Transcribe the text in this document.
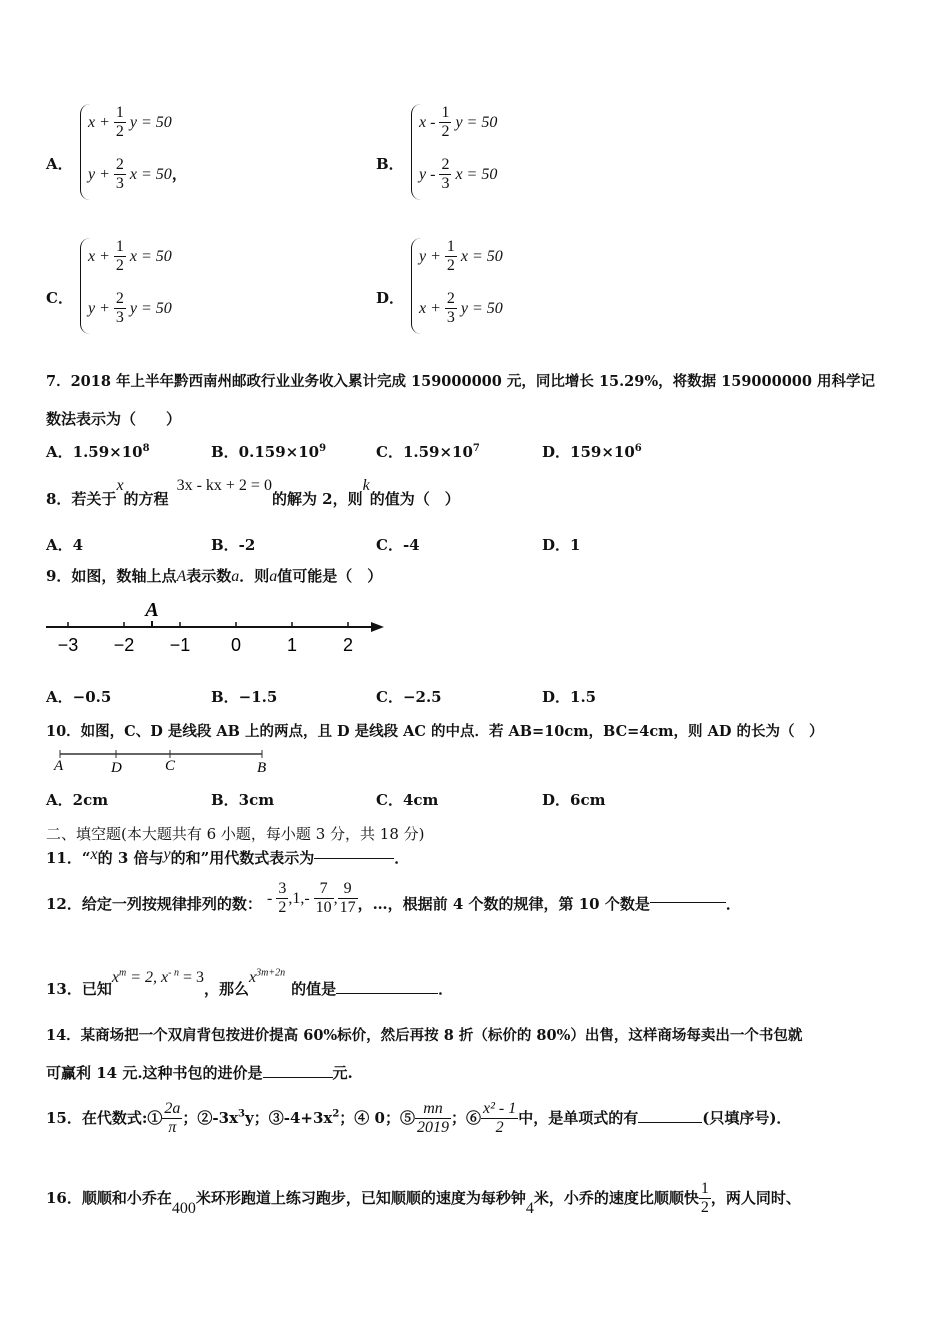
A．
$x + \frac{1}{2}$ y = 50
$y + \frac{2}{3}$ x = 50，
B．
x - $\frac{1}{2}$ y = 50
y - $\frac{2}{3}$ x = 50
C．
$x + \frac{1}{2}$ x = 50
$y + \frac{2}{3}$ y = 50
D．
$y + \frac{1}{2}$ x = 50
$x + \frac{2}{3}$ y = 50
7．2018 年上半年黔西南州邮政行业业务收入累计完成 159000000 元，同比增长 15.29%，将数据 159000000 用科学记
数法表示为（　　）
A．$1.59\times 10^8$	B．$0.159\times 10^9$	C．$1.59\times 10^7$	D．$159\times 10^6$
8．若关于x的方程3x - kx + 2 = 0的解为 2，则k的值为（　）
A．4	B．-2	C．-4	D．1
9．如图，数轴上点A表示数a．则a值可能是（　）
−3 −2 −1 0	1	2
A
A．−0.5	B．−1.5	C．−2.5	D．1.5
10．如图，C、D 是线段 AB 上的两点，且 D 是线段 AC 的中点．若 AB=10cm，BC=4cm，则 AD 的长为（　）
A	D	C	B
A．2cm	B．3cm	C．4cm	D．6cm
二、填空题(本大题共有 6 小题，每小题 3 分，共 18 分)
11．“x的 3 倍与y的和”用代数式表示为	．
12．给定一列按规律排列的数： - $\frac{3}{2} ,1,- \frac{7}{10}$ , $\frac{9}{17}$ ，…，根据前 4 个数的规律，第 10 个数是	．
13．已知$x^m = 2$, $x^{- n} = 3$，那么$x^{3m+2n}$的值是	．
14．某商场把一个双肩背包按进价提高 60%标价，然后再按 8 折（标价的 80%）出售，这样商场每卖出一个书包就
可赢利 14 元.这种书包的进价是	元.
15．在代数式:① $\frac{2a}{\pi}$ ；$②-3x^3y$；$③-4+3x^2$；④ 0；⑤ $\frac{mn}{2019}$ ；⑥ $\frac{\text{x² - 1}}{2}$ 中，是单项式的有	(只填序号)．
16．顺顺和小乔在400米环形跑道上练习跑步，已知顺顺的速度为每秒钟4米，小乔的速度比顺顺快 $\frac{1}{2}$ ，两人同时、
